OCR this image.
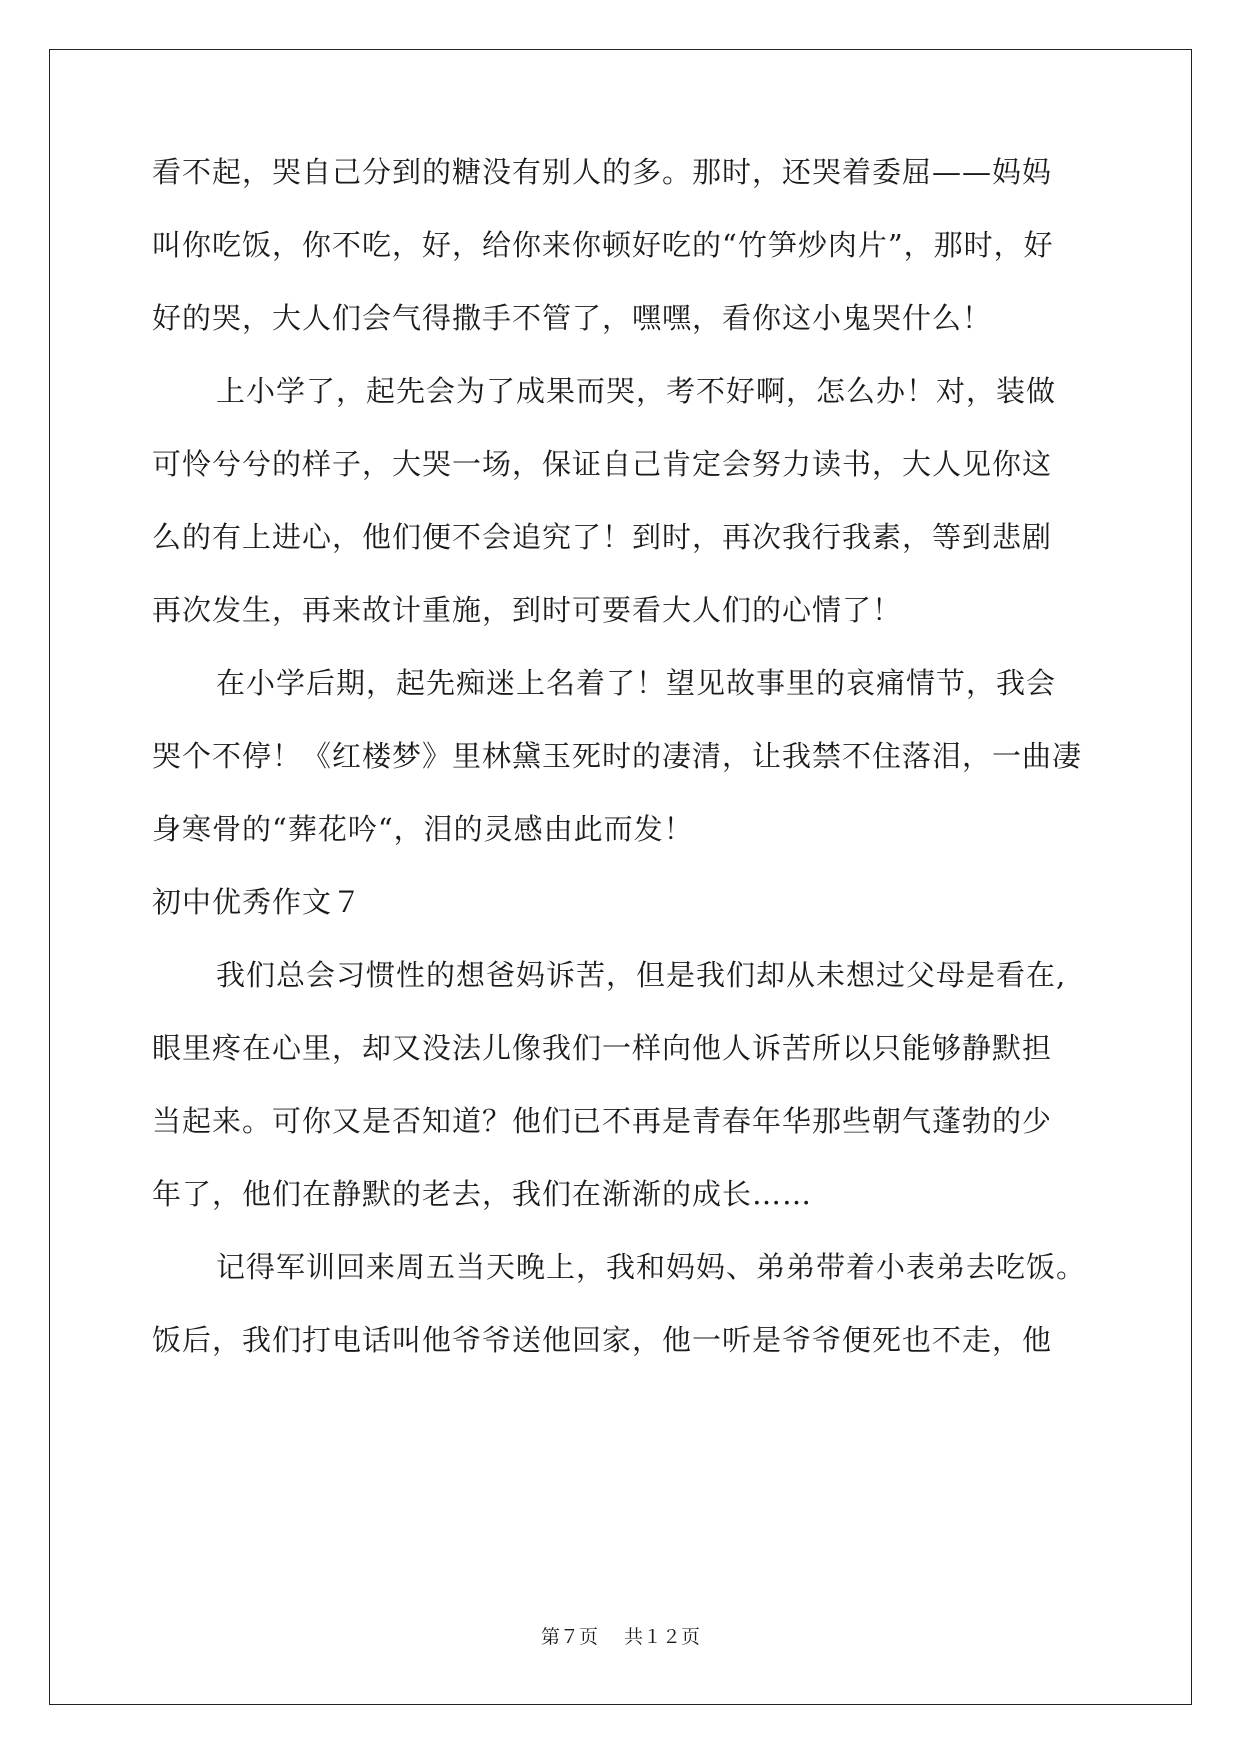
看不起，哭自己分到的糖没有别人的多。那时，还哭着委屈——妈妈
叫你吃饭，你不吃，好，给你来你顿好吃的“竹笋炒肉片”，那时，好
好的哭，大人们会气得撒手不管了，嘿嘿，看你这小鬼哭什么！
上小学了，起先会为了成果而哭，考不好啊，怎么办！对，装做
可怜兮兮的样子，大哭一场，保证自己肯定会努力读书，大人见你这
么的有上进心，他们便不会追究了！到时，再次我行我素，等到悲剧
再次发生，再来故计重施，到时可要看大人们的心情了！
在小学后期，起先痴迷上名着了！望见故事里的哀痛情节，我会
哭个不停！《红楼梦》里林黛玉死时的凄清，让我禁不住落泪，一曲凄
身寒骨的“葬花吟“，泪的灵感由此而发！
初中优秀作文７
我们总会习惯性的想爸妈诉苦，但是我们却从未想过父母是看在,
眼里疼在心里，却又没法儿像我们一样向他人诉苦所以只能够静默担
当起来。可你又是否知道？他们已不再是青春年华那些朝气蓬勃的少
年了，他们在静默的老去，我们在渐渐的成长……
记得军训回来周五当天晚上，我和妈妈、弟弟带着小表弟去吃饭。
饭后，我们打电话叫他爷爷送他回家，他一听是爷爷便死也不走，他
第７页 共１２页
